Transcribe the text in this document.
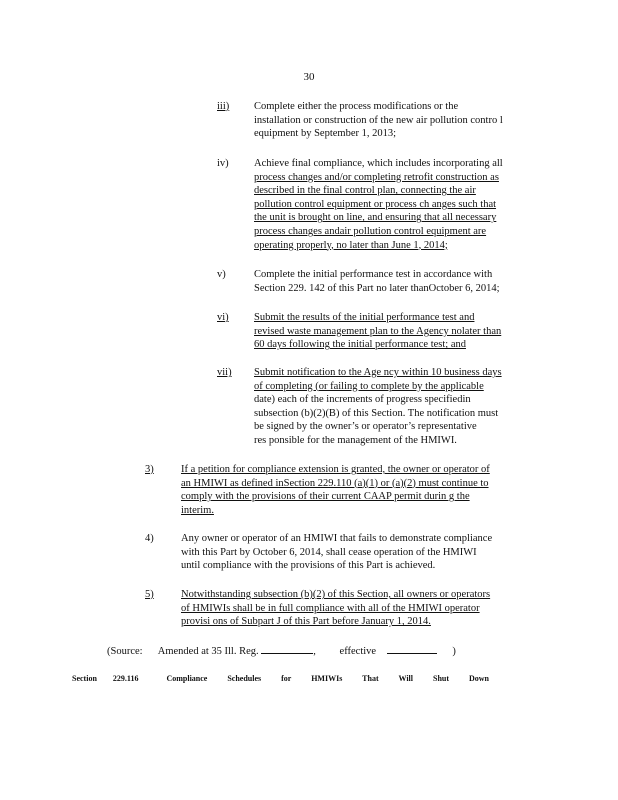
30
iii) Complete either the process modifications or the
installation or construction of the new air pollution contro l
equipment by September 1, 2013;
iv) Achieve final compliance, which includes incorporating all
process changes and/or completing retrofit construction as
described in the final control plan, connecting the air
pollution control equipment or process ch anges such that
the unit is brought on line, and ensuring that all necessary
process changes andair pollution control equipment are
operating properly, no later than June 1, 2014;
v)	Complete the initial performance test in accordance with
Section 229. 142 of this Part no later thanOctober 6, 2014;
vi) Submit the results of the initial performance test and
revised waste management plan to the Agency nolater than
60 days following the initial performance test; and
vii) Submit notification to the Age ncy within 10 business days
of completing (or failing to complete by the applicable
date) each of the increments of progress specifiedin
subsection (b)(2)(B) of this Section. The notification must
be signed by the owner’s or operator’s representative
res ponsible for the management of the HMIWI.
3)	If a petition for compliance extension is granted, the owner or operator of
an HMIWI as defined inSection 229.110 (a)(1) or (a)(2) must continue to
comply with the provisions of their current CAAP permit durin g the
interim.
4)	Any owner or operator of an HMIWI that fails to demonstrate compliance
with this Part by October 6, 2014, shall cease operation of the HMIWI
until compliance with the provisions of this Part is achieved.
5)	Notwithstanding subsection (b)(2) of this Section, all owners or operators
of HMIWIs shall be in full compliance with all of the HMIWI operator
provisi ons of Subpart J of this Part before January 1, 2014.
(Source: Amended at 35 Ill. Reg.	, effective	)
Section 229.116	Compliance Schedules for HMIWIs That Will Shut Down
